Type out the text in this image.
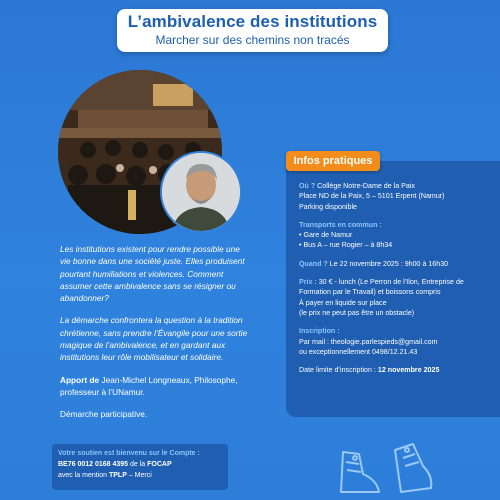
L’ambivalence des institutions
Marcher sur des chemins non tracés

Les institutions existent pour rendre possible une vie bonne dans une société juste. Elles produisent pourtant humiliations et violences. Comment assumer cette ambivalence sans se résigner ou abandonner?

La démarche confrontera la question à la tradition chrétienne, sans prendre l’Évangile pour une sortie magique de l’ambivalence, et en gardant aux institutions leur rôle mobilisateur et solidaire.

Apport de Jean-Michel Longneaux, Philosophe, professeur à l’UNamur.

Démarche participative.

Infos pratiques
Où ? Collège Notre-Dame de la Paix
Place ND de la Paix, 5 – 5101 Erpent (Namur)
Parking disponible
Transports en commun :
• Gare de Namur
• Bus A – rue Rogier – à 8h34
Quand ? Le 22 novembre 2025 : 9h00 à 16h30
Prix : 30 € - lunch (Le Perron de l’Ilon, Entreprise de Formation par le Travail) et boissons compris
À payer en liquide sur place
(le prix ne peut pas être un obstacle)
Inscription :
Par mail : theologie.parlespieds@gmail.com
ou exceptionnellement 0498/12.21.43
Date limite d’inscription : 12 novembre 2025
Votre soutien est bienvenu sur le Compte :
BE76 0012 0168 4395 de la FOCAP
avec la mention TPLP – Merci
